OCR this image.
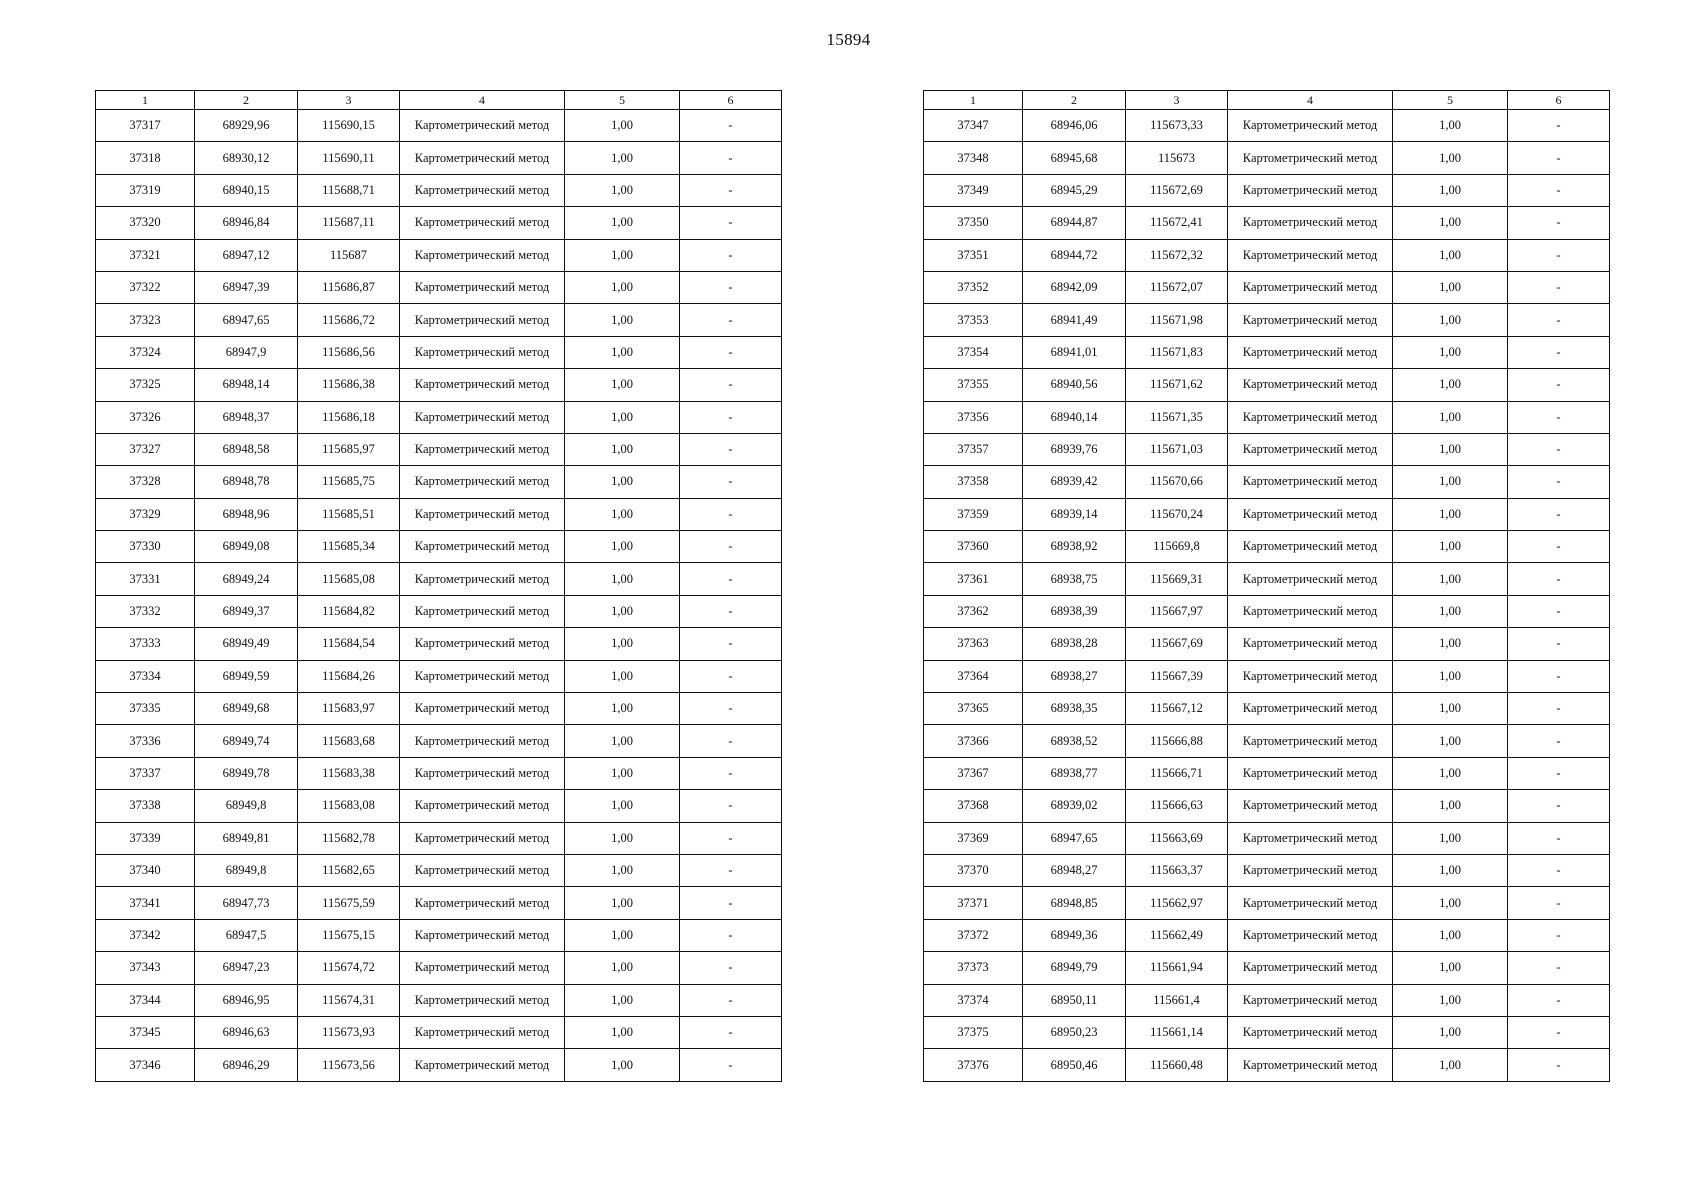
15894
1	2	3	4	5	6
37317	68929,96	115690,15	Картометрический метод	1,00	-
37318	68930,12	115690,11	Картометрический метод	1,00	-
37319	68940,15	115688,71	Картометрический метод	1,00	-
37320	68946,84	115687,11	Картометрический метод	1,00	-
37321	68947,12	115687	Картометрический метод	1,00	-
37322	68947,39	115686,87	Картометрический метод	1,00	-
37323	68947,65	115686,72	Картометрический метод	1,00	-
37324	68947,9	115686,56	Картометрический метод	1,00	-
37325	68948,14	115686,38	Картометрический метод	1,00	-
37326	68948,37	115686,18	Картометрический метод	1,00	-
37327	68948,58	115685,97	Картометрический метод	1,00	-
37328	68948,78	115685,75	Картометрический метод	1,00	-
37329	68948,96	115685,51	Картометрический метод	1,00	-
37330	68949,08	115685,34	Картометрический метод	1,00	-
37331	68949,24	115685,08	Картометрический метод	1,00	-
37332	68949,37	115684,82	Картометрический метод	1,00	-
37333	68949,49	115684,54	Картометрический метод	1,00	-
37334	68949,59	115684,26	Картометрический метод	1,00	-
37335	68949,68	115683,97	Картометрический метод	1,00	-
37336	68949,74	115683,68	Картометрический метод	1,00	-
37337	68949,78	115683,38	Картометрический метод	1,00	-
37338	68949,8	115683,08	Картометрический метод	1,00	-
37339	68949,81	115682,78	Картометрический метод	1,00	-
37340	68949,8	115682,65	Картометрический метод	1,00	-
37341	68947,73	115675,59	Картометрический метод	1,00	-
37342	68947,5	115675,15	Картометрический метод	1,00	-
37343	68947,23	115674,72	Картометрический метод	1,00	-
37344	68946,95	115674,31	Картометрический метод	1,00	-
37345	68946,63	115673,93	Картометрический метод	1,00	-
37346	68946,29	115673,56	Картометрический метод	1,00	-
1	2	3	4	5	6
37347	68946,06	115673,33	Картометрический метод	1,00	-
37348	68945,68	115673	Картометрический метод	1,00	-
37349	68945,29	115672,69	Картометрический метод	1,00	-
37350	68944,87	115672,41	Картометрический метод	1,00	-
37351	68944,72	115672,32	Картометрический метод	1,00	-
37352	68942,09	115672,07	Картометрический метод	1,00	-
37353	68941,49	115671,98	Картометрический метод	1,00	-
37354	68941,01	115671,83	Картометрический метод	1,00	-
37355	68940,56	115671,62	Картометрический метод	1,00	-
37356	68940,14	115671,35	Картометрический метод	1,00	-
37357	68939,76	115671,03	Картометрический метод	1,00	-
37358	68939,42	115670,66	Картометрический метод	1,00	-
37359	68939,14	115670,24	Картометрический метод	1,00	-
37360	68938,92	115669,8	Картометрический метод	1,00	-
37361	68938,75	115669,31	Картометрический метод	1,00	-
37362	68938,39	115667,97	Картометрический метод	1,00	-
37363	68938,28	115667,69	Картометрический метод	1,00	-
37364	68938,27	115667,39	Картометрический метод	1,00	-
37365	68938,35	115667,12	Картометрический метод	1,00	-
37366	68938,52	115666,88	Картометрический метод	1,00	-
37367	68938,77	115666,71	Картометрический метод	1,00	-
37368	68939,02	115666,63	Картометрический метод	1,00	-
37369	68947,65	115663,69	Картометрический метод	1,00	-
37370	68948,27	115663,37	Картометрический метод	1,00	-
37371	68948,85	115662,97	Картометрический метод	1,00	-
37372	68949,36	115662,49	Картометрический метод	1,00	-
37373	68949,79	115661,94	Картометрический метод	1,00	-
37374	68950,11	115661,4	Картометрический метод	1,00	-
37375	68950,23	115661,14	Картометрический метод	1,00	-
37376	68950,46	115660,48	Картометрический метод	1,00	-
